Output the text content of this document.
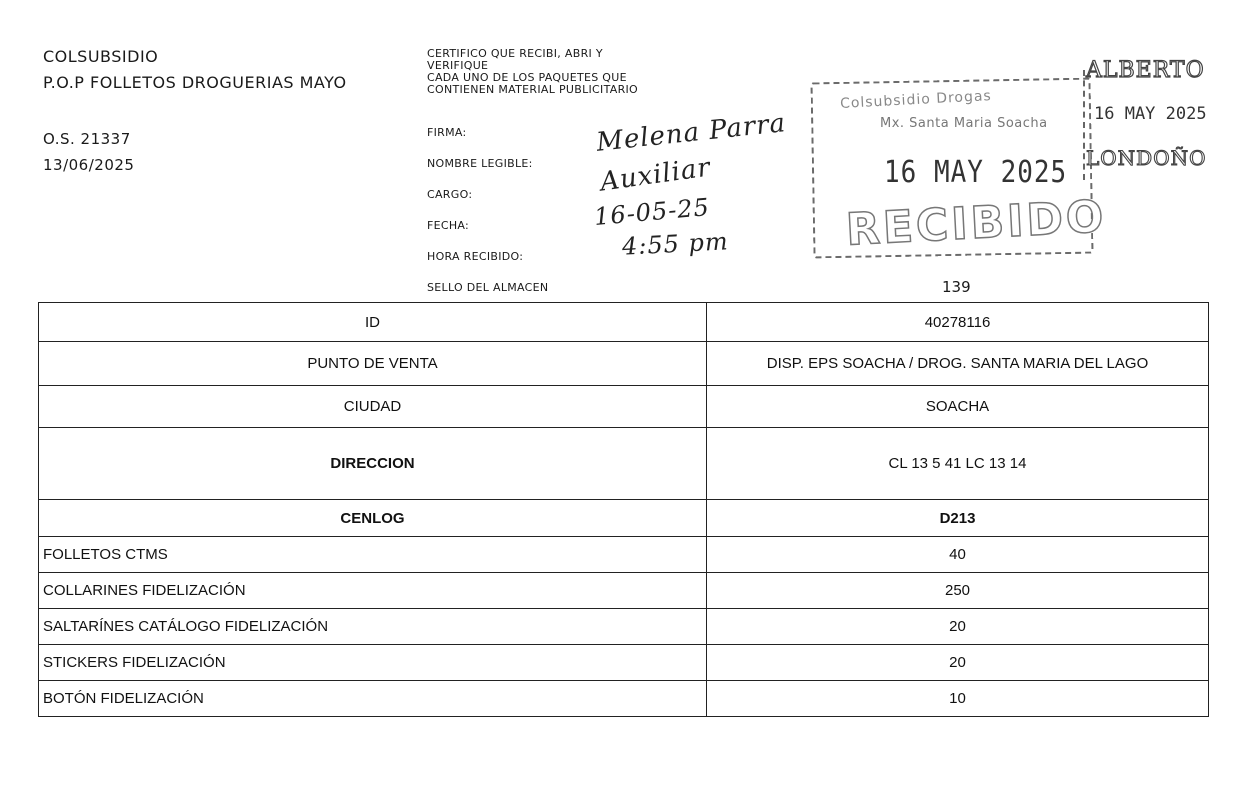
COLSUBSIDIO
P.O.P FOLLETOS DROGUERIAS MAYO
O.S. 21337
13/06/2025
CERTIFICO QUE RECIBI, ABRI Y
VERIFIQUE
CADA UNO DE LOS PAQUETES QUE
CONTIENEN MATERIAL PUBLICITARIO
FIRMA:
NOMBRE LEGIBLE:
CARGO:
FECHA:
HORA RECIBIDO:
SELLO DEL ALMACEN
Melena Parra
Auxiliar
16-05-25
4:55 pm
Colsubsidio Drogas
Mx. Santa Maria Soacha
16 MAY 2025
RECIBIDO
ALBERTO
16 MAY 2025
LONDOÑO
139
ID	40278116
PUNTO DE VENTA	DISP. EPS SOACHA / DROG. SANTA MARIA DEL LAGO
CIUDAD	SOACHA
DIRECCION	CL 13 5 41 LC 13 14
CENLOG	D213
FOLLETOS CTMS	40
COLLARINES FIDELIZACIÓN	250
SALTARÍNES CATÁLOGO FIDELIZACIÓN	20
STICKERS FIDELIZACIÓN	20
BOTÓN FIDELIZACIÓN	10
